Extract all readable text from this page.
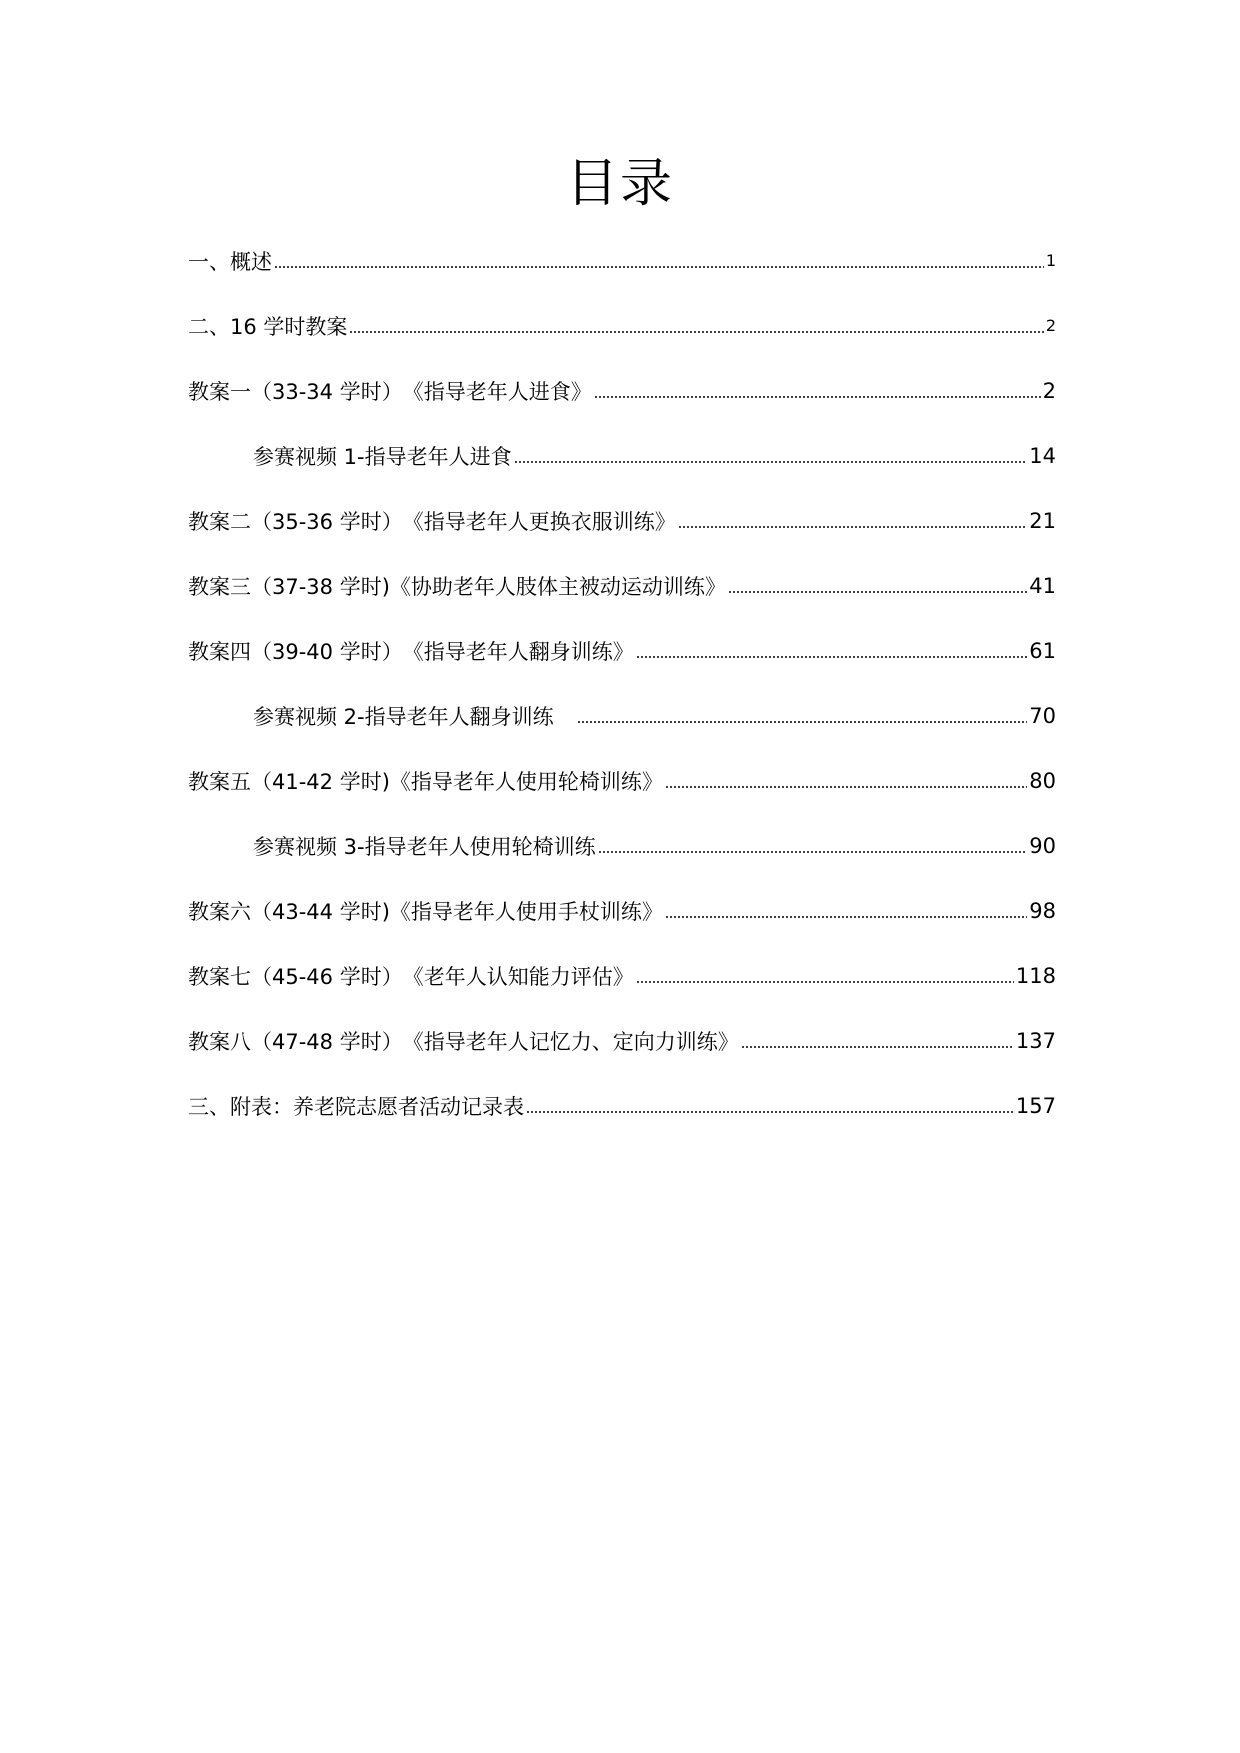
目录
一、概述	1
二、16 学时教案	2
教案一（33-34 学时）　《指导老年人进食》	2
参赛视频 1-指导老年人进食	14
教案二（35-36 学时）　《指导老年人更换衣服训练》	21
教案三（37-38 学时)《协助老年人肢体主被动运动训练》	41
教案四（39-40 学时）　《指导老年人翻身训练》	61
参赛视频 2-指导老年人翻身训练　	70
教案五（41-42 学时)《指导老年人使用轮椅训练》	80
参赛视频 3-指导老年人使用轮椅训练	90
教案六（43-44 学时)《指导老年人使用手杖训练》	98
教案七（45-46 学时）　《老年人认知能力评估》	118
教案八（47-48 学时）　《指导老年人记忆力、定向力训练》	137
三、附表：养老院志愿者活动记录表	157
